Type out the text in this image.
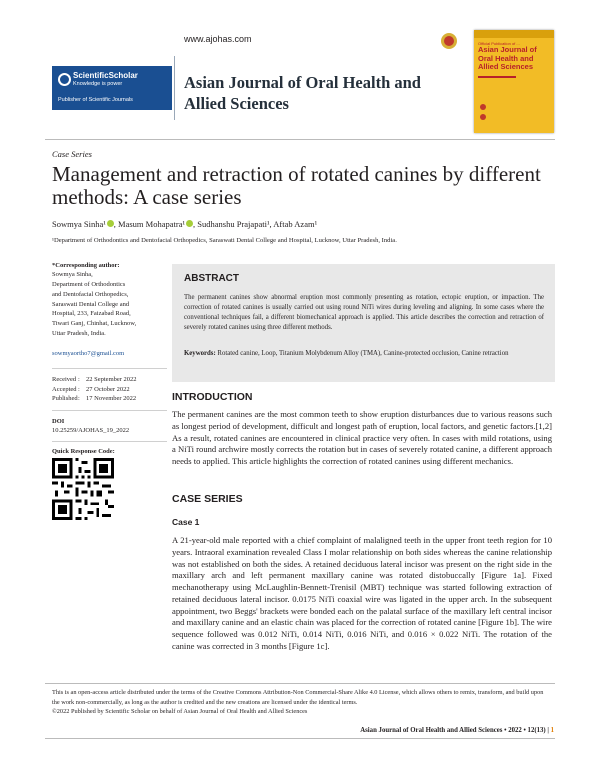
www.ajohas.com
ScientificScholar
Knowledge is power
Publisher of Scientific Journals
Asian Journal of Oral Health and Allied Sciences
Official Publication of ...
Asian Journal of Oral Health and Allied Sciences
Case Series
Management and retraction of rotated canines by different methods: A case series
Sowmya Sinha¹ , Masum Mohapatra¹ , Sudhanshu Prajapati¹, Aftab Azam¹
¹Department of Orthodontics and Dentofacial Orthopedics, Saraswati Dental College and Hospital, Lucknow, Uttar Pradesh, India.
*Corresponding author:
Sowmya Sinha,
Department of Orthodontics
and Dentofacial Orthopedics,
Saraswati Dental College and
Hospital, 233, Faizabad Road,
Tiwari Ganj, Chinhat, Lucknow,
Uttar Pradesh, India.
sowmyaortho7@gmail.com
Received : 22 September 2022
Accepted : 27 October 2022
Published : 17 November 2022
DOI
10.25259/AJOHAS_19_2022
Quick Response Code:
ABSTRACT
The permanent canines show abnormal eruption most commonly presenting as rotation, ectopic eruption, or impaction. The correction of rotated canines is usually carried out using round NiTi wires during leveling and aligning. In some cases where the conventional techniques fail, a different biomechanical approach is applied. This article describes the correction and retraction of severely rotated canines using three different methods.
Keywords: Rotated canine, Loop, Titanium Molybdenum Alloy (TMA), Canine-protected occlusion, Canine retraction
INTRODUCTION
The permanent canines are the most common teeth to show eruption disturbances due to various reasons such as longest period of development, difficult and longest path of eruption, local factors, and genetic factors.[1,2] As a result, rotated canines are encountered in clinical practice very often. In cases with mild rotations, using a NiTi round archwire mostly corrects the rotation but in cases of severely rotated canine, a different approach needs to applied. This article highlights the correction of rotated canines using different mechanics.
CASE SERIES
Case 1
A 21-year-old male reported with a chief complaint of malaligned teeth in the upper front teeth region for 10 years. Intraoral examination revealed Class I molar relationship on both sides whereas the canine relationship was not established on both the sides. A retained deciduous lateral incisor was present on the right side in the maxillary arch and left permanent maxillary canine was rotated distobuccally [Figure 1a]. Fixed mechanotherapy using McLaughlin-Bennett-Trenisil (MBT) technique was started following extraction of retained deciduous lateral incisor. 0.0175 NiTi coaxial wire was ligated in the upper arch. In the subsequent appointment, two Beggs' brackets were bonded each on the palatal surface of the maxillary left central incisor and maxillary canine and an elastic chain was placed for the correction of rotated canine [Figure 1b]. The wire sequence followed was 0.012 NiTi, 0.014 NiTi, 0.016 NiTi, and 0.016 × 0.022 NiTi. The rotation of the canine was corrected in 3 months [Figure 1c].
This is an open-access article distributed under the terms of the Creative Commons Attribution-Non Commercial-Share Alike 4.0 License, which allows others to remix, transform, and build upon the work non-commercially, as long as the author is credited and the new creations are licensed under the identical terms.
©2022 Published by Scientific Scholar on behalf of Asian Journal of Oral Health and Allied Sciences
Asian Journal of Oral Health and Allied Sciences • 2022 • 12(13) | 1
